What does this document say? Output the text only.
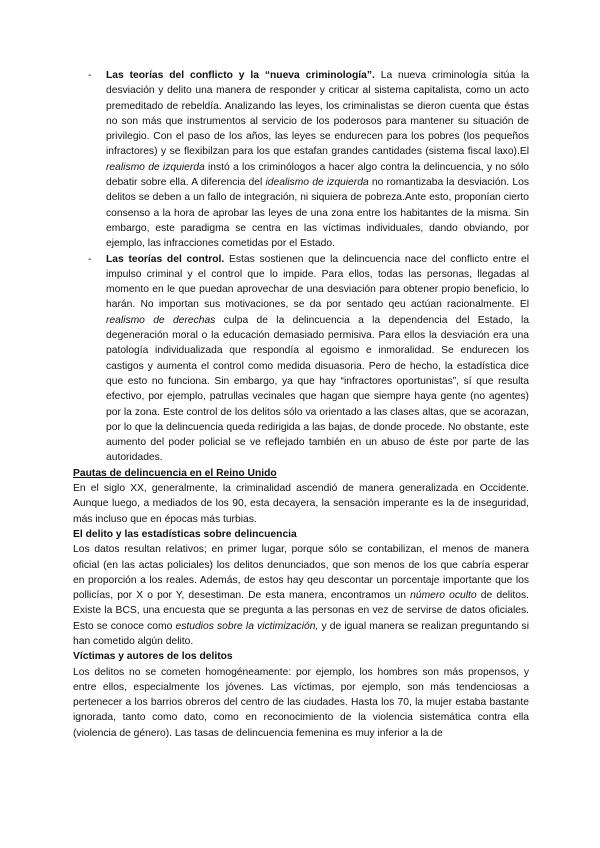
- Las teorías del conflicto y la “nueva criminología”. La nueva criminología sitúa la desviación y delito una manera de responder y criticar al sistema capitalista, como un acto premeditado de rebeldía. Analizando las leyes, los criminalistas se dieron cuenta que éstas no son más que instrumentos al servicio de los poderosos para mantener su situación de privilegio. Con el paso de los años, las leyes se endurecen para los pobres (los pequeños infractores) y se flexibilzan para los que estafan grandes cantidades (sistema fiscal laxo).El realismo de izquierda instó a los criminólogos a hacer algo contra la delincuencia, y no sólo debatir sobre ella. A diferencia del idealismo de izquierda no romantizaba la desviación. Los delitos se deben a un fallo de integración, ni siquiera de pobreza.Ante esto, proponían cierto consenso a la hora de aprobar las leyes de una zona entre los habitantes de la misma. Sin embargo, este paradigma se centra en las víctimas individuales, dando obviando, por ejemplo, las infracciones cometidas por el Estado.

- Las teorías del control. Estas sostienen que la delincuencia nace del conflicto entre el impulso criminal y el control que lo impide. Para ellos, todas las personas, llegadas al momento en le que puedan aprovechar de una desviación para obtener propio beneficio, lo harán. No importan sus motivaciones, se da por sentado qeu actúan racionalmente. El realismo de derechas culpa de la delincuencia a la dependencia del Estado, la degeneración moral o la educación demasiado permisiva. Para ellos la desviación era una patología individualizada que respondía al egoismo e inmoralidad. Se endurecen los castigos y aumenta el control como medida disuasoria. Pero de hecho, la estadística dice que esto no funciona. Sin embargo, ya que hay “infractores oportunistas”, sí que resulta efectivo, por ejemplo, patrullas vecinales que hagan que siempre haya gente (no agentes) por la zona. Este control de los delitos sólo va orientado a las clases altas, que se acorazan, por lo que la delincuencia queda redirigida a las bajas, de donde procede. No obstante, este aumento del poder policial se ve reflejado también en un abuso de éste por parte de las autoridades.

Pautas de delincuencia en el Reino Unido

En el siglo XX, generalmente, la criminalidad ascendió de manera generalizada en Occidente. Aunque luego, a mediados de los 90, esta decayera, la sensación imperante es la de inseguridad, más incluso que en épocas más turbias.

El delito y las estadísticas sobre delincuencia

Los datos resultan relativos; en primer lugar, porque sólo se contabilizan, el menos de manera oficial (en las actas policiales) los delitos denunciados, que son menos de los que cabría esperar en proporción a los reales. Además, de estos hay qeu descontar un porcentaje importante que los pollicías, por X o por Y, desestiman. De esta manera, encontramos un número oculto de delitos. Existe la BCS, una encuesta que se pregunta a las personas en vez de servirse de datos oficiales. Esto se conoce como estudios sobre la victimización, y de igual manera se realizan preguntando si han cometido algún delito.

Víctimas y autores de los delitos

Los delitos no se cometen homogéneamente: por ejemplo, los hombres son más propensos, y entre ellos, especialmente los jóvenes. Las víctimas, por ejemplo, son más tendenciosas a pertenecer a los barrios obreros del centro de las ciudades. Hasta los 70, la mujer estaba bastante ignorada, tanto como dato, como en reconocimiento de la violencia sistemática contra ella (violencia de género). Las tasas de delincuencia femenina es muy inferior a la de
